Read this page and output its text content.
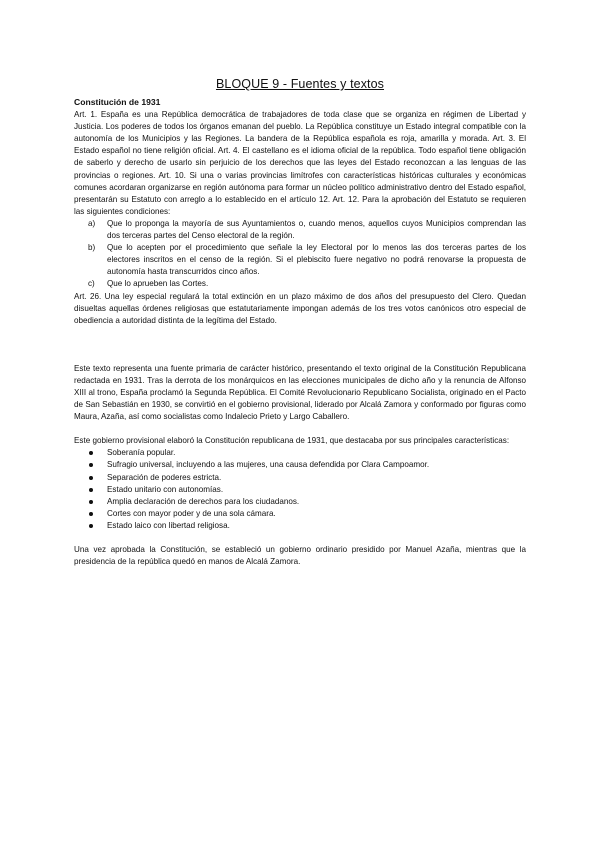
BLOQUE 9 - Fuentes y textos

Constitución de 1931

Art. 1. España es una República democrática de trabajadores de toda clase que se organiza en régimen de Libertad y Justicia. Los poderes de todos los órganos emanan del pueblo. La República constituye un Estado integral compatible con la autonomía de los Municipios y las Regiones. La bandera de la República española es roja, amarilla y morada. Art. 3. El Estado español no tiene religión oficial. Art. 4. El castellano es el idioma oficial de la república. Todo español tiene obligación de saberlo y derecho de usarlo sin perjuicio de los derechos que las leyes del Estado reconozcan a las lenguas de las provincias o regiones. Art. 10. Si una o varias provincias limítrofes con características históricas culturales y económicas comunes acordaran organizarse en región autónoma para formar un núcleo político administrativo dentro del Estado español, presentarán su Estatuto con arreglo a lo establecido en el artículo 12. Art. 12. Para la aprobación del Estatuto se requieren las siguientes condiciones:

a) Que lo proponga la mayoría de sus Ayuntamientos o, cuando menos, aquellos cuyos Municipios comprendan las dos terceras partes del Censo electoral de la región.
b) Que lo acepten por el procedimiento que señale la ley Electoral por lo menos las dos terceras partes de los electores inscritos en el censo de la región. Si el plebiscito fuere negativo no podrá renovarse la propuesta de autonomía hasta transcurridos cinco años.
c) Que lo aprueben las Cortes.

Art. 26. Una ley especial regulará la total extinción en un plazo máximo de dos años del presupuesto del Clero. Quedan disueltas aquellas órdenes religiosas que estatutariamente impongan además de los tres votos canónicos otro especial de obediencia a autoridad distinta de la legítima del Estado.

Este texto representa una fuente primaria de carácter histórico, presentando el texto original de la Constitución Republicana redactada en 1931. Tras la derrota de los monárquicos en las elecciones municipales de dicho año y la renuncia de Alfonso XIII al trono, España proclamó la Segunda República. El Comité Revolucionario Republicano Socialista, originado en el Pacto de San Sebastián en 1930, se convirtió en el gobierno provisional, liderado por Alcalá Zamora y conformado por figuras como Maura, Azaña, así como socialistas como Indalecio Prieto y Largo Caballero.

Este gobierno provisional elaboró la Constitución republicana de 1931, que destacaba por sus principales características:

Soberanía popular.
Sufragio universal, incluyendo a las mujeres, una causa defendida por Clara Campoamor.
Separación de poderes estricta.
Estado unitario con autonomías.
Amplia declaración de derechos para los ciudadanos.
Cortes con mayor poder y de una sola cámara.
Estado laico con libertad religiosa.

Una vez aprobada la Constitución, se estableció un gobierno ordinario presidido por Manuel Azaña, mientras que la presidencia de la república quedó en manos de Alcalá Zamora.
